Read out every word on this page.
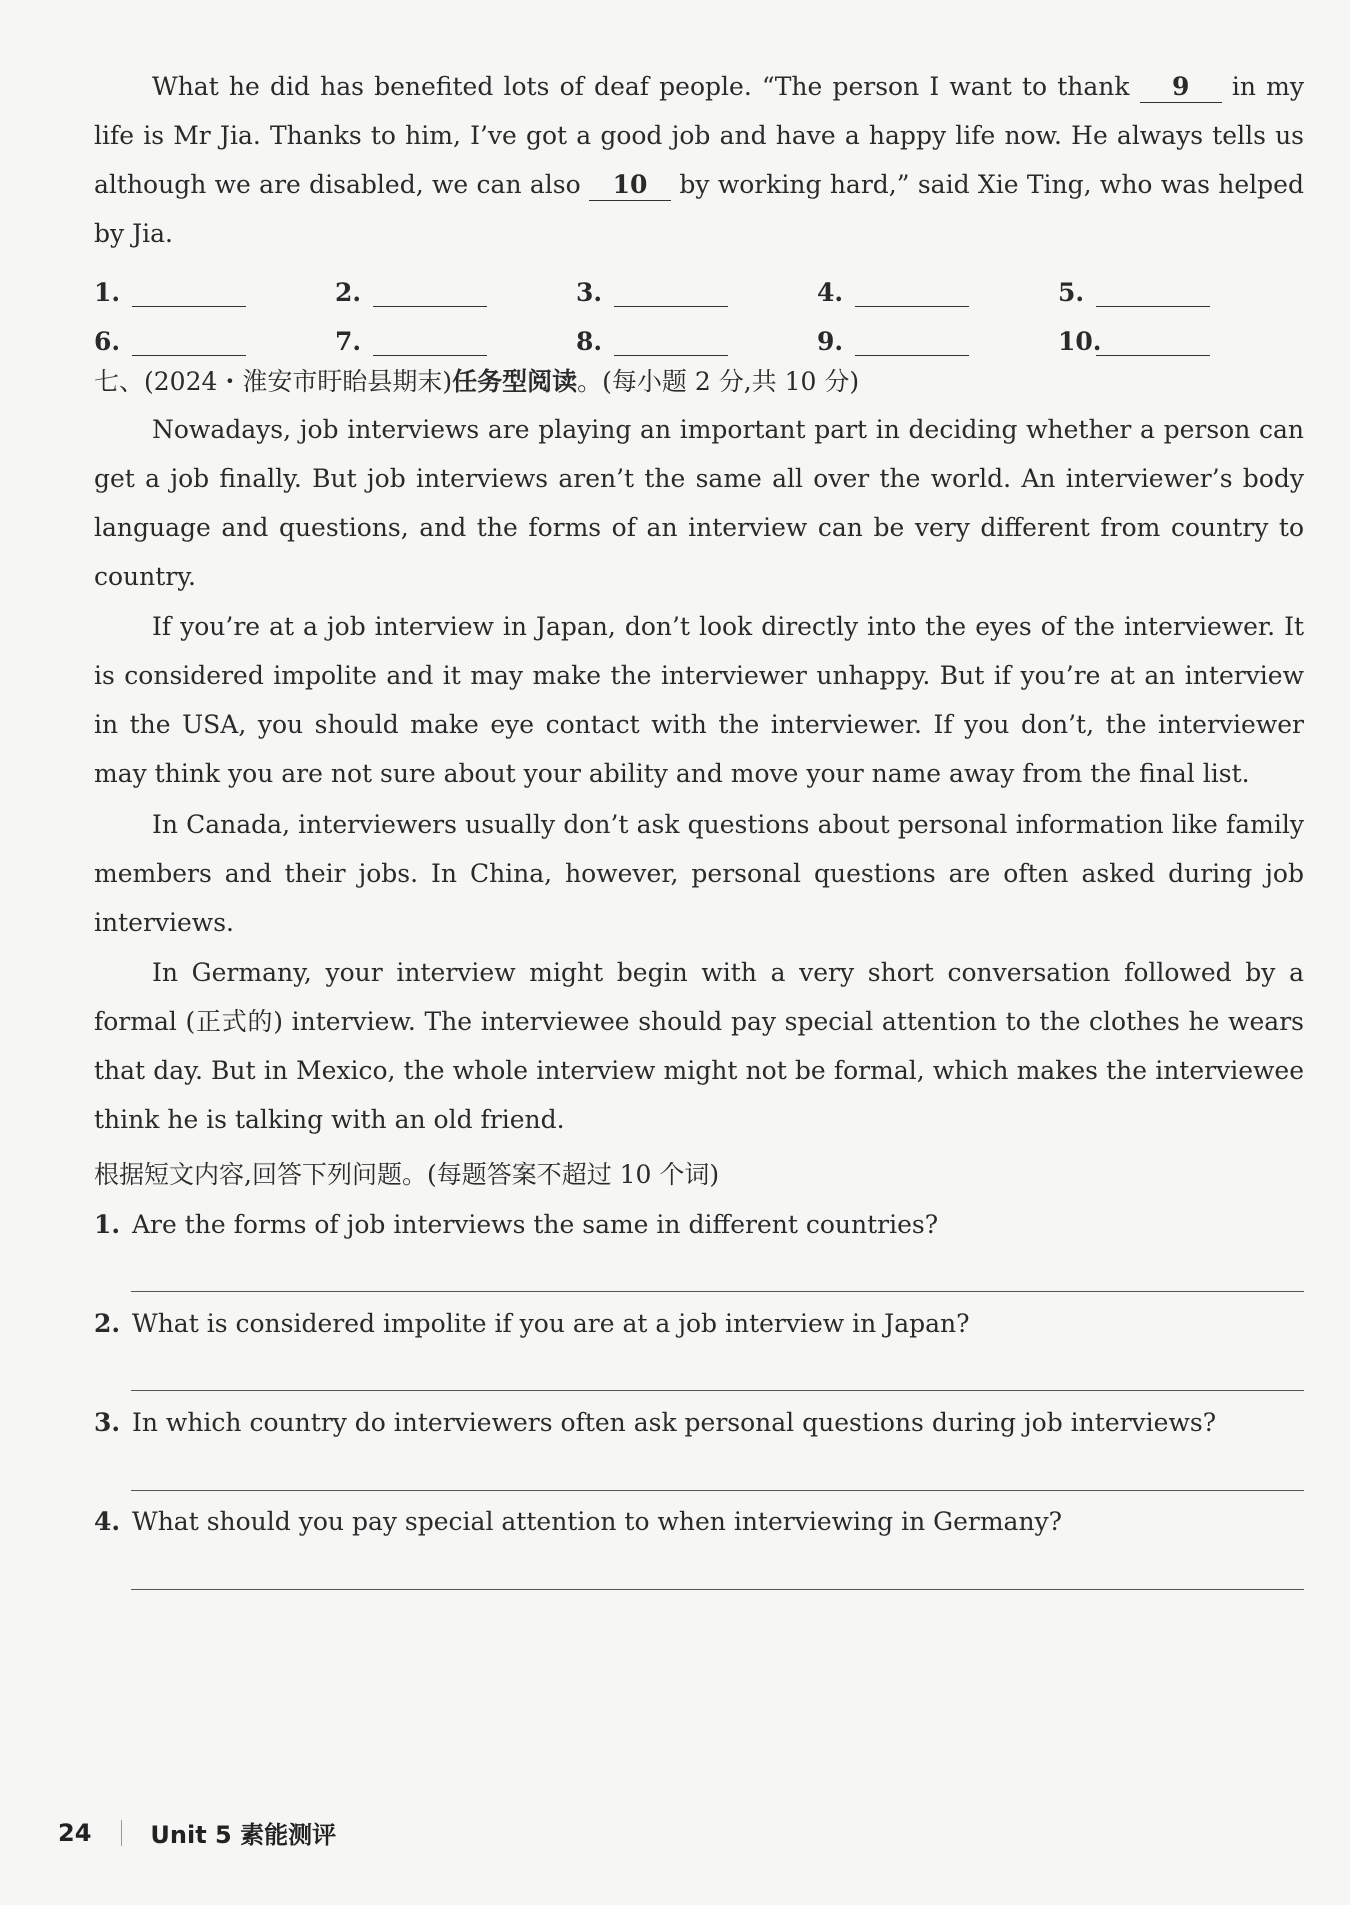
What he did has benefited lots of deaf people. “The person I want to thank 9 in my life is Mr Jia. Thanks to him, I’ve got a good job and have a happy life now. He always tells us although we are disabled, we can also 10 by working hard,” said Xie Ting, who was helped by Jia.

1.	2.	3.	4.	5.
6.	7.	8.	9.	10.
七、(2024・淮安市盱眙县期末)任务型阅读。(每小题 2 分,共 10 分)

Nowadays, job interviews are playing an important part in deciding whether a person can get a job finally. But job interviews aren’t the same all over the world. An interviewer’s body language and questions, and the forms of an interview can be very different from country to country.

If you’re at a job interview in Japan, don’t look directly into the eyes of the interviewer. It is considered impolite and it may make the interviewer unhappy. But if you’re at an interview in the USA, you should make eye contact with the interviewer. If you don’t, the interviewer may think you are not sure about your ability and move your name away from the final list.

In Canada, interviewers usually don’t ask questions about personal information like family members and their jobs. In China, however, personal questions are often asked during job interviews.

In Germany, your interview might begin with a very short conversation followed by a formal (正式的) interview. The interviewee should pay special attention to the clothes he wears that day. But in Mexico, the whole interview might not be formal, which makes the interviewee think he is talking with an old friend.

根据短文内容,回答下列问题。(每题答案不超过 10 个词)
1. Are the forms of job interviews the same in different countries?
2. What is considered impolite if you are at a job interview in Japan?
3. In which country do interviewers often ask personal questions during job interviews?
4. What should you pay special attention to when interviewing in Germany?
24 Unit 5 素能测评
